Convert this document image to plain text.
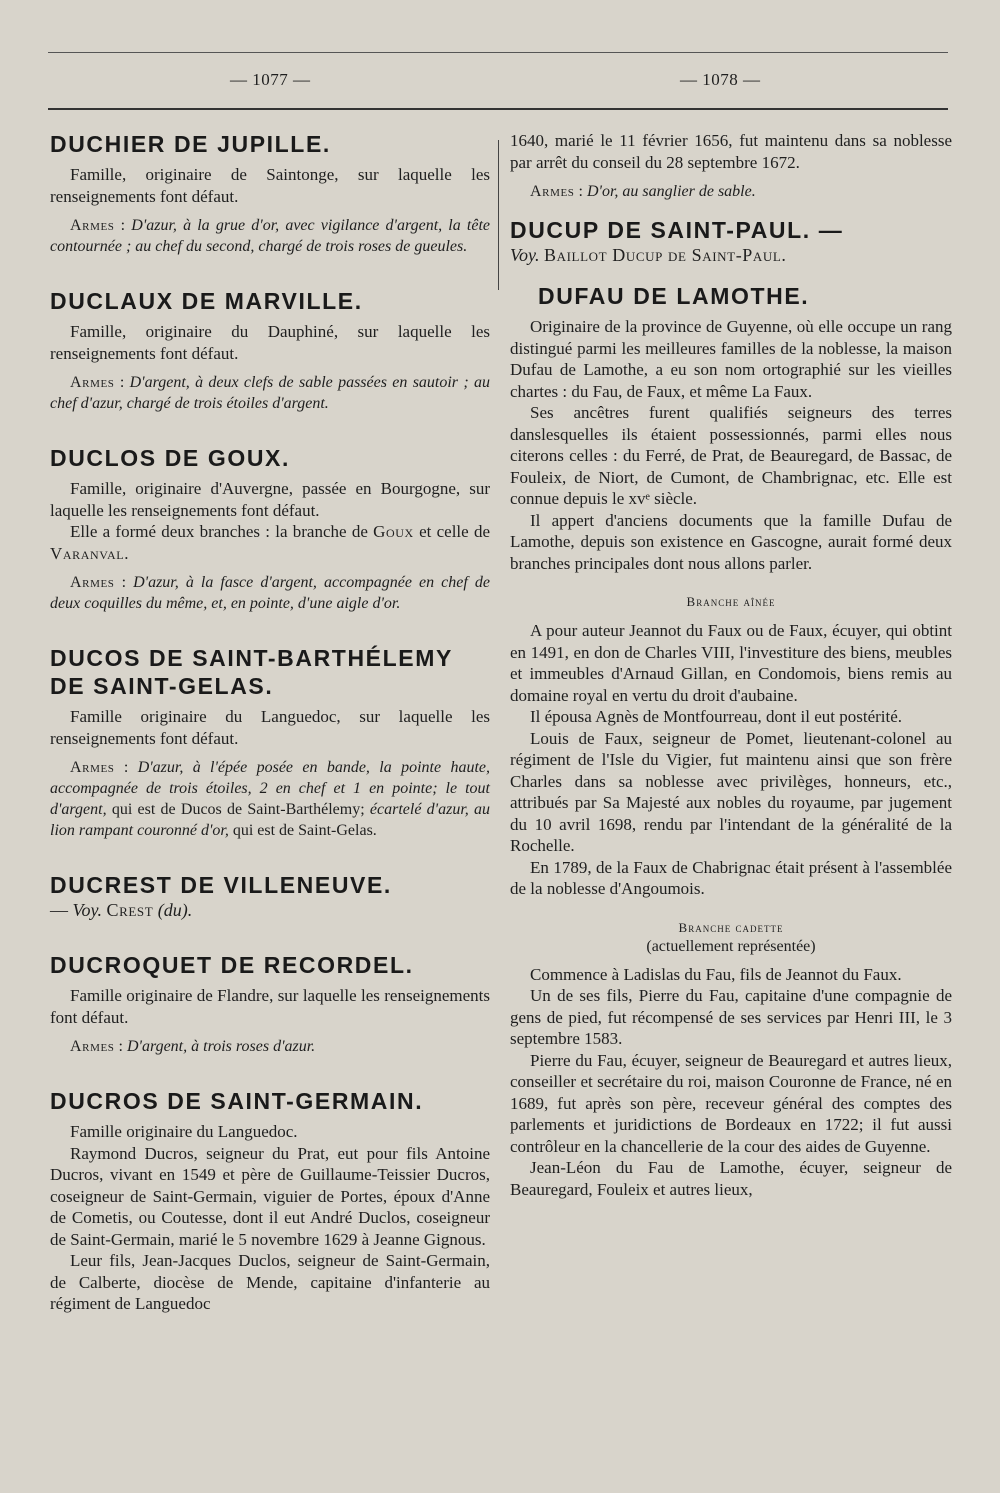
— 1077 —	— 1078 —
DUCHIER DE JUPILLE.

Famille, originaire de Saintonge, sur laquelle les renseignements font défaut.

Armes : D'azur, à la grue d'or, avec vigilance d'argent, la tête contournée ; au chef du second, chargé de trois roses de gueules.

DUCLAUX DE MARVILLE.

Famille, originaire du Dauphiné, sur laquelle les renseignements font défaut.

Armes : D'argent, à deux clefs de sable passées en sautoir ; au chef d'azur, chargé de trois étoiles d'argent.

DUCLOS DE GOUX.

Famille, originaire d'Auvergne, passée en Bourgogne, sur laquelle les renseignements font défaut.

Elle a formé deux branches : la branche de Goux et celle de Varanval.

Armes : D'azur, à la fasce d'argent, accompagnée en chef de deux coquilles du même, et, en pointe, d'une aigle d'or.

DUCOS DE SAINT-BARTHÉLEMY DE SAINT-GELAS.

Famille originaire du Languedoc, sur laquelle les renseignements font défaut.

Armes : D'azur, à l'épée posée en bande, la pointe haute, accompagnée de trois étoiles, 2 en chef et 1 en pointe; le tout d'argent, qui est de Ducos de Saint-Barthélemy; écartelé d'azur, au lion rampant couronné d'or, qui est de Saint-Gelas.

DUCREST DE VILLENEUVE.

— Voy. Crest (du).

DUCROQUET DE RECORDEL.

Famille originaire de Flandre, sur laquelle les renseignements font défaut.

Armes : D'argent, à trois roses d'azur.

DUCROS DE SAINT-GERMAIN.

Famille originaire du Languedoc.

Raymond Ducros, seigneur du Prat, eut pour fils Antoine Ducros, vivant en 1549 et père de Guillaume-Teissier Ducros, coseigneur de Saint-Germain, viguier de Portes, époux d'Anne de Cometis, ou Coutesse, dont il eut André Duclos, coseigneur de Saint-Germain, marié le 5 novembre 1629 à Jeanne Gignous.

Leur fils, Jean-Jacques Duclos, seigneur de Saint-Germain, de Calberte, diocèse de Mende, capitaine d'infanterie au régiment de Languedoc

1640, marié le 11 février 1656, fut maintenu dans sa noblesse par arrêt du conseil du 28 septembre 1672.

Armes : D'or, au sanglier de sable.

DUCUP DE SAINT-PAUL. —

Voy. Baillot Ducup de Saint-Paul.

DUFAU DE LAMOTHE.

Originaire de la province de Guyenne, où elle occupe un rang distingué parmi les meilleures familles de la noblesse, la maison Dufau de Lamothe, a eu son nom ortographié sur les vieilles chartes : du Fau, de Faux, et même La Faux.

Ses ancêtres furent qualifiés seigneurs des terres danslesquelles ils étaient possessionnés, parmi elles nous citerons celles : du Ferré, de Prat, de Beauregard, de Bassac, de Fouleix, de Niort, de Cumont, de Chambrignac, etc. Elle est connue depuis le xvᵉ siècle.

Il appert d'anciens documents que la famille Dufau de Lamothe, depuis son existence en Gascogne, aurait formé deux branches principales dont nous allons parler.

Branche aînée

A pour auteur Jeannot du Faux ou de Faux, écuyer, qui obtint en 1491, en don de Charles VIII, l'investiture des biens, meubles et immeubles d'Arnaud Gillan, en Condomois, biens remis au domaine royal en vertu du droit d'aubaine.

Il épousa Agnès de Montfourreau, dont il eut postérité.

Louis de Faux, seigneur de Pomet, lieutenant-colonel au régiment de l'Isle du Vigier, fut maintenu ainsi que son frère Charles dans sa noblesse avec privilèges, honneurs, etc., attribués par Sa Majesté aux nobles du royaume, par jugement du 10 avril 1698, rendu par l'intendant de la généralité de la Rochelle.

En 1789, de la Faux de Chabrignac était présent à l'assemblée de la noblesse d'Angoumois.

Branche cadette
(actuellement représentée)

Commence à Ladislas du Fau, fils de Jeannot du Faux.

Un de ses fils, Pierre du Fau, capitaine d'une compagnie de gens de pied, fut récompensé de ses services par Henri III, le 3 septembre 1583.

Pierre du Fau, écuyer, seigneur de Beauregard et autres lieux, conseiller et secrétaire du roi, maison Couronne de France, né en 1689, fut après son père, receveur général des comptes des parlements et juridictions de Bordeaux en 1722; il fut aussi contrôleur en la chancellerie de la cour des aides de Guyenne.

Jean-Léon du Fau de Lamothe, écuyer, seigneur de Beauregard, Fouleix et autres lieux,
